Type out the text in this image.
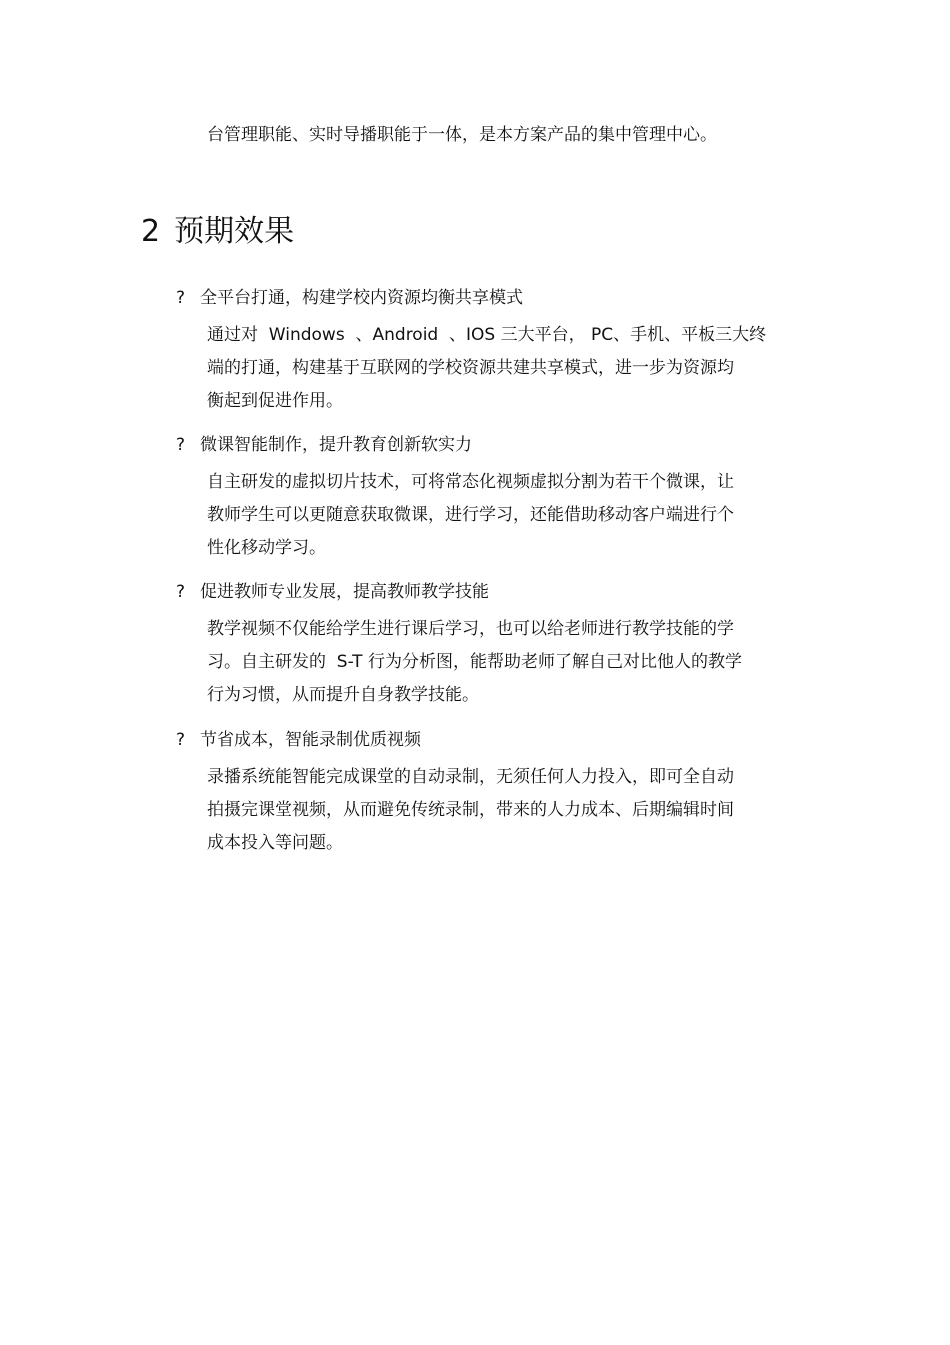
台管理职能、实时导播职能于一体，是本方案产品的集中管理中心。
2 预期效果

? 全平台打通，构建学校内资源均衡共享模式

通过对  Windows  、Android  、IOS 三大平台， PC、手机、平板三大终
端的打通，构建基于互联网的学校资源共建共享模式，进一步为资源均
衡起到促进作用。

? 微课智能制作，提升教育创新软实力

自主研发的虚拟切片技术，可将常态化视频虚拟分割为若干个微课，让
教师学生可以更随意获取微课，进行学习，还能借助移动客户端进行个
性化移动学习。

? 促进教师专业发展，提高教师教学技能

教学视频不仅能给学生进行课后学习，也可以给老师进行教学技能的学
习。自主研发的  S-T 行为分析图，能帮助老师了解自己对比他人的教学
行为习惯，从而提升自身教学技能。

? 节省成本，智能录制优质视频

录播系统能智能完成课堂的自动录制，无须任何人力投入，即可全自动
拍摄完课堂视频，从而避免传统录制，带来的人力成本、后期编辑时间
成本投入等问题。
